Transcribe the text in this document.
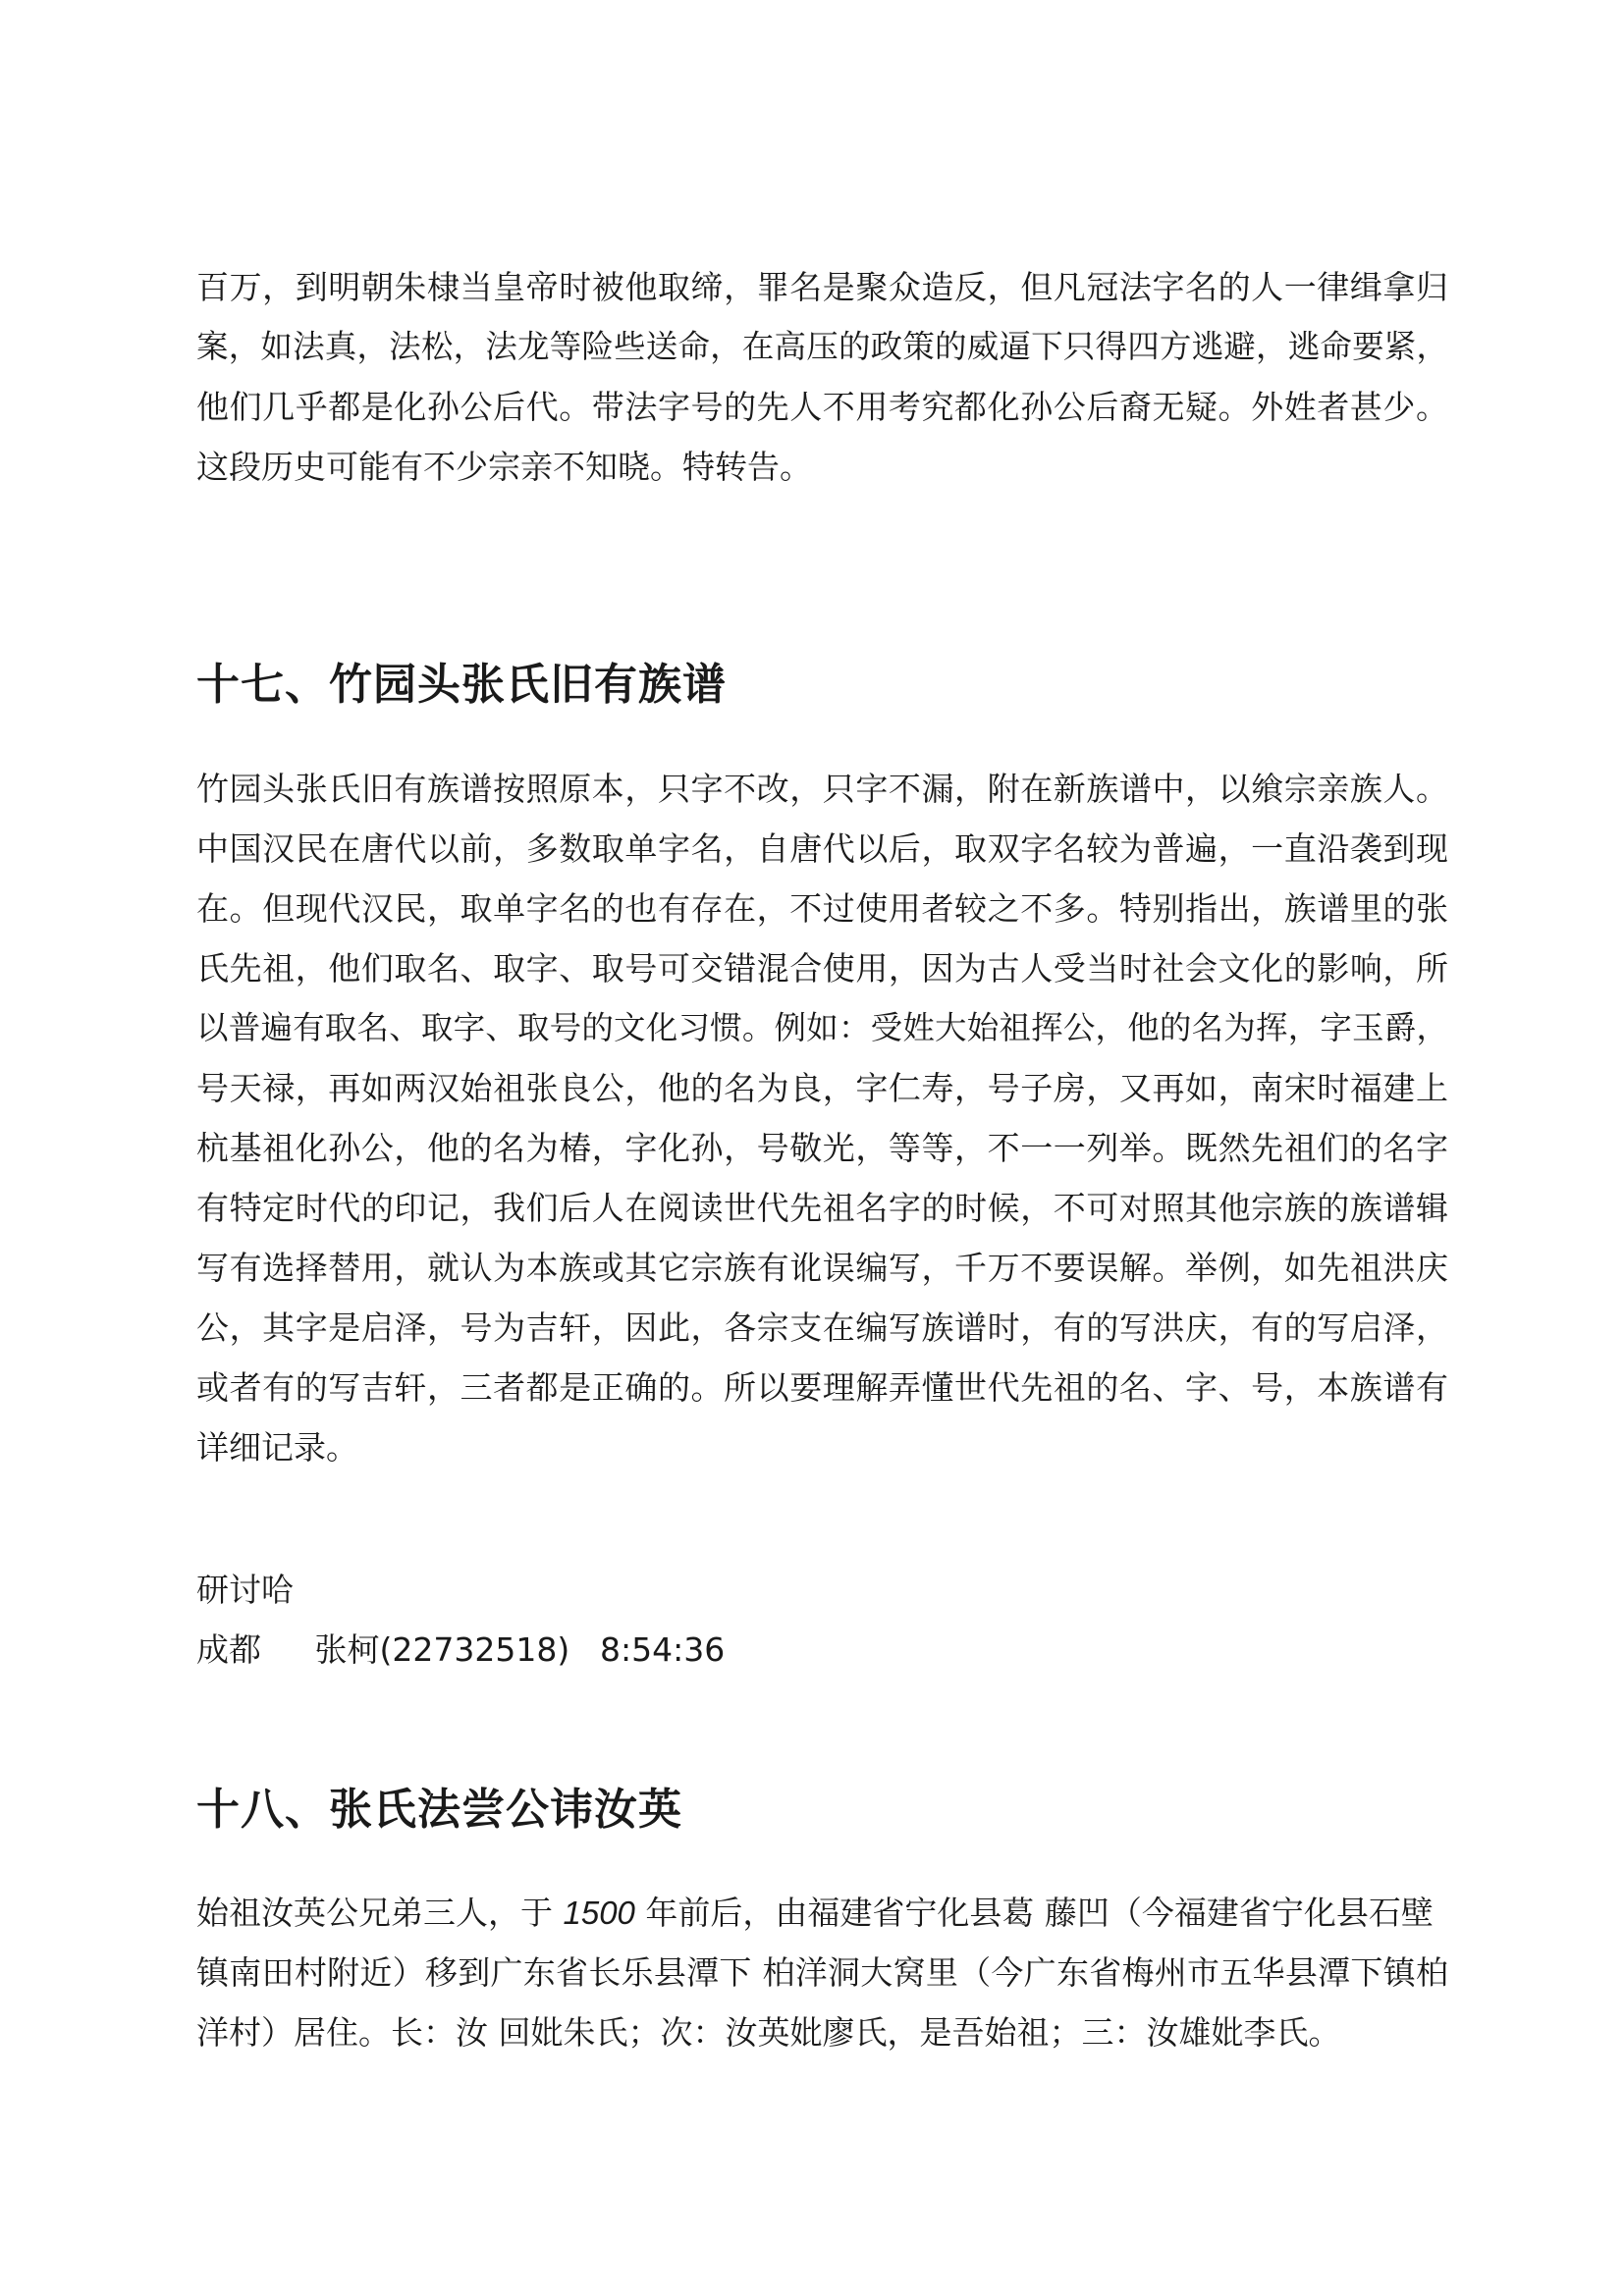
百万，到明朝朱棣当皇帝时被他取缔，罪名是聚众造反，但凡冠法字名的人一律缉拿归
案，如法真，法松，法龙等险些送命，在高压的政策的威逼下只得四方逃避，逃命要紧，
他们几乎都是化孙公后代。带法字号的先人不用考究都化孙公后裔无疑。外姓者甚少。
这段历史可能有不少宗亲不知晓。特转告。
十七、竹园头张氏旧有族谱
竹园头张氏旧有族谱按照原本，只字不改，只字不漏，附在新族谱中，以飨宗亲族人。
中国汉民在唐代以前，多数取单字名，自唐代以后，取双字名较为普遍，一直沿袭到现
在。但现代汉民，取单字名的也有存在，不过使用者较之不多。特别指出，族谱里的张
氏先祖，他们取名、取字、取号可交错混合使用，因为古人受当时社会文化的影响，所
以普遍有取名、取字、取号的文化习惯。例如：受姓大始祖挥公，他的名为挥，字玉爵，
号天禄，再如两汉始祖张良公，他的名为良，字仁寿，号子房，又再如，南宋时福建上
杭基祖化孙公，他的名为椿，字化孙，号敬光，等等，不一一列举。既然先祖们的名字
有特定时代的印记，我们后人在阅读世代先祖名字的时候，不可对照其他宗族的族谱辑
写有选择替用，就认为本族或其它宗族有讹误编写，千万不要误解。举例，如先祖洪庆
公，其字是启泽，号为吉轩，因此，各宗支在编写族谱时，有的写洪庆，有的写启泽，
或者有的写吉轩，三者都是正确的。所以要理解弄懂世代先祖的名、字、号，本族谱有
详细记录。
研讨哈
成都 张柯(22732518) 8:54:36
十八、张氏法尝公讳汝英
始祖汝英公兄弟三人，于 1500 年前后，由福建省宁化县葛 藤凹（今福建省宁化县石壁
镇南田村附近）移到广东省长乐县潭下 柏洋洞大窝里（今广东省梅州市五华县潭下镇柏
洋村）居住。长：汝 回妣朱氏；次：汝英妣廖氏，是吾始祖；三：汝雄妣李氏。
